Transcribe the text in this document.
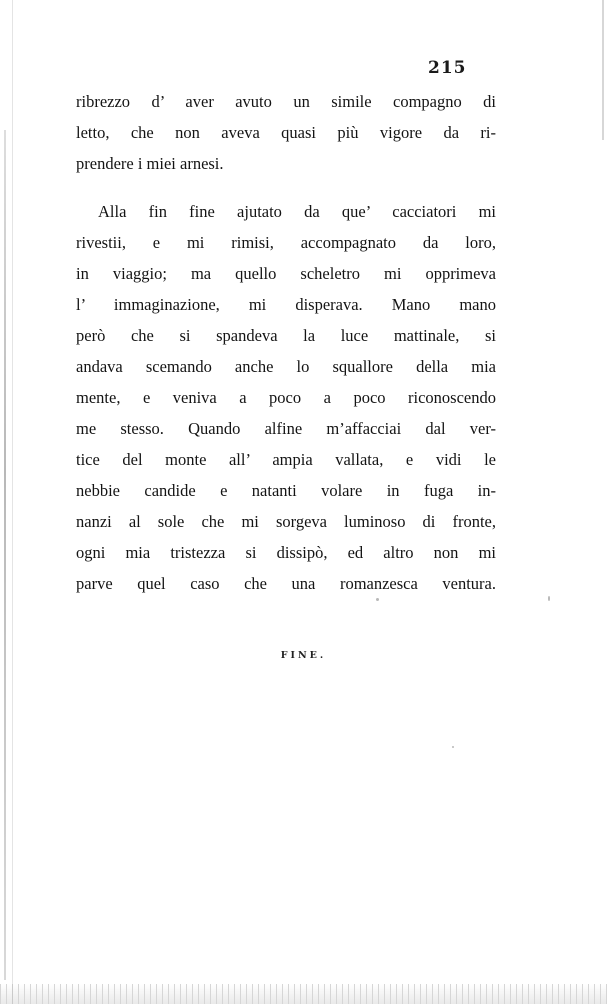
215
ribrezzo d’ aver avuto un simile compagno di
letto, che non aveva quasi più vigore da ri-
prendere i miei arnesi.
Alla fin fine ajutato da que’ cacciatori mi
rivestii, e mi rimisi, accompagnato da loro,
in viaggio; ma quello scheletro mi opprimeva
l’ immaginazione, mi disperava. Mano mano
però che si spandeva la luce mattinale, si
andava scemando anche lo squallore della mia
mente, e veniva a poco a poco riconoscendo
me stesso. Quando alfine m’affacciai dal ver-
tice del monte all’ ampia vallata, e vidi le
nebbie candide e natanti volare in fuga in-
nanzi al sole che mi sorgeva luminoso di fronte,
ogni mia tristezza si dissipò, ed altro non mi
parve quel caso che una romanzesca ventura.
FINE.
